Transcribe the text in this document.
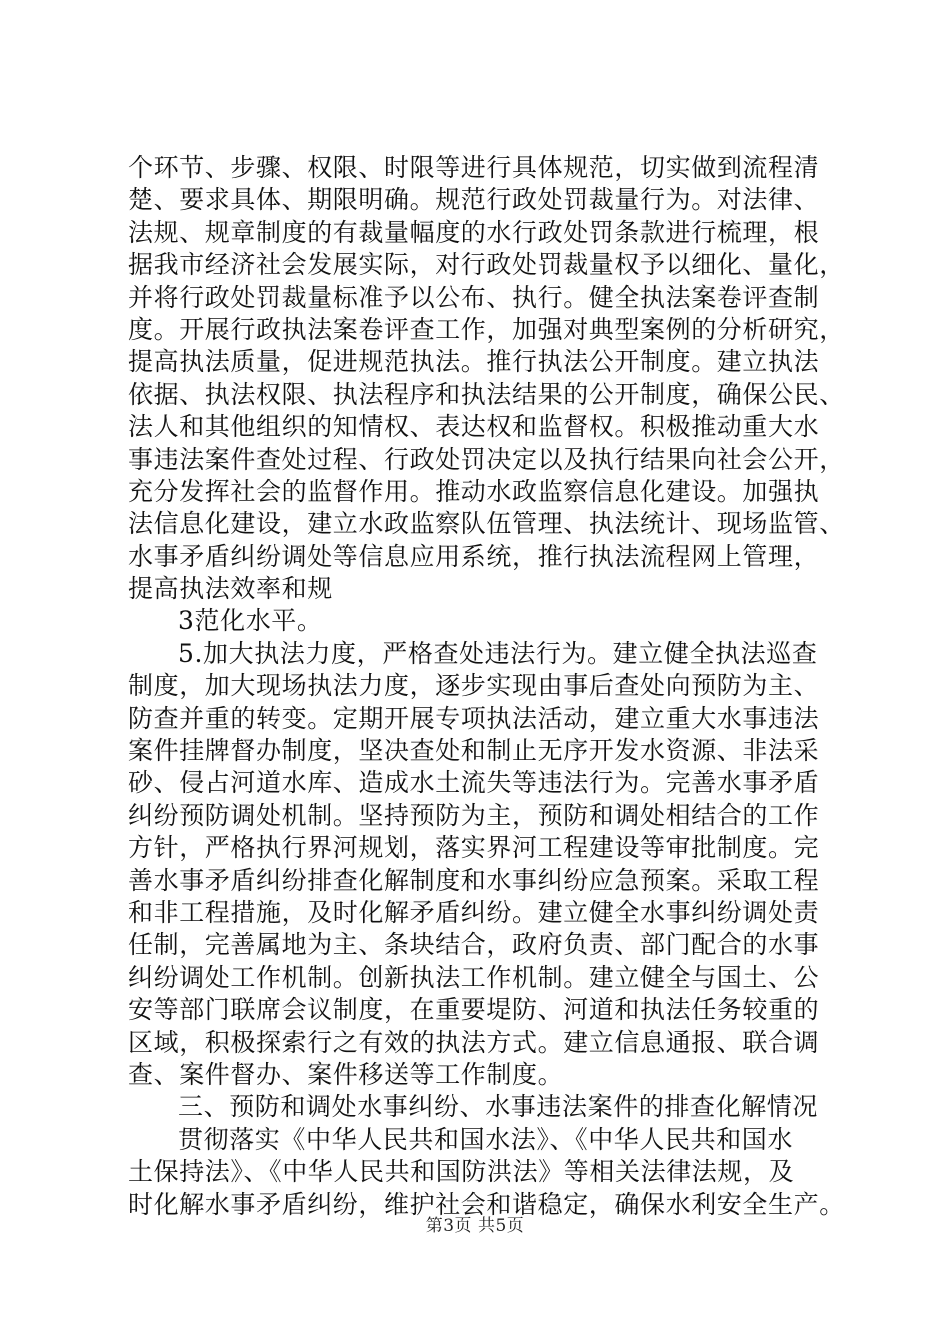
个环节、步骤、权限、时限等进行具体规范，切实做到流程清
楚、要求具体、期限明确。规范行政处罚裁量行为。对法律、
法规、规章制度的有裁量幅度的水行政处罚条款进行梳理，根
据我市经济社会发展实际，对行政处罚裁量权予以细化、量化，
并将行政处罚裁量标准予以公布、执行。健全执法案卷评查制
度。开展行政执法案卷评查工作，加强对典型案例的分析研究，
提高执法质量，促进规范执法。推行执法公开制度。建立执法
依据、执法权限、执法程序和执法结果的公开制度，确保公民、
法人和其他组织的知情权、表达权和监督权。积极推动重大水
事违法案件查处过程、行政处罚决定以及执行结果向社会公开，
充分发挥社会的监督作用。推动水政监察信息化建设。加强执
法信息化建设，建立水政监察队伍管理、执法统计、现场监管、
水事矛盾纠纷调处等信息应用系统，推行执法流程网上管理，
提高执法效率和规
3范化水平。
5.加大执法力度，严格查处违法行为。建立健全执法巡查
制度，加大现场执法力度，逐步实现由事后查处向预防为主、
防查并重的转变。定期开展专项执法活动，建立重大水事违法
案件挂牌督办制度，坚决查处和制止无序开发水资源、非法采
砂、侵占河道水库、造成水土流失等违法行为。完善水事矛盾
纠纷预防调处机制。坚持预防为主，预防和调处相结合的工作
方针，严格执行界河规划，落实界河工程建设等审批制度。完
善水事矛盾纠纷排查化解制度和水事纠纷应急预案。采取工程
和非工程措施，及时化解矛盾纠纷。建立健全水事纠纷调处责
任制，完善属地为主、条块结合，政府负责、部门配合的水事
纠纷调处工作机制。创新执法工作机制。建立健全与国土、公
安等部门联席会议制度，在重要堤防、河道和执法任务较重的
区域，积极探索行之有效的执法方式。建立信息通报、联合调
查、案件督办、案件移送等工作制度。
三、预防和调处水事纠纷、水事违法案件的排查化解情况
贯彻落实《中华人民共和国水法》、《中华人民共和国水
土保持法》、《中华人民共和国防洪法》等相关法律法规，及
时化解水事矛盾纠纷，维护社会和谐稳定，确保水利安全生产。
第3页 共5页
